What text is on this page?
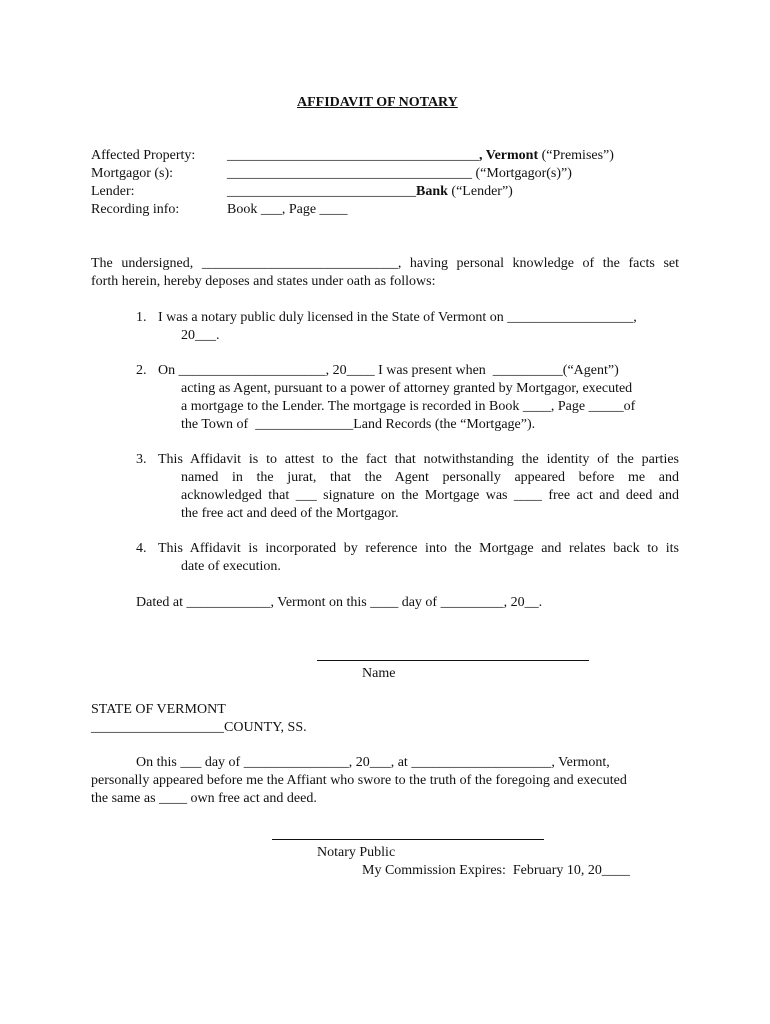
AFFIDAVIT OF NOTARY
Affected Property: ____________________________________, Vermont (“Premises”)
Mortgagor (s):	___________________________________ (“Mortgagor(s)”)
Lender:	___________________________Bank (“Lender”)
Recording info:	Book ___, Page ____
The undersigned, ____________________________, having personal knowledge of the facts set
forth herein, hereby deposes and states under oath as follows:
1. I was a notary public duly licensed in the State of Vermont on __________________,
20___.
2. On _____________________, 20____ I was present when  __________(“Agent”)
acting as Agent, pursuant to a power of attorney granted by Mortgagor, executed
a mortgage to the Lender. The mortgage is recorded in Book ____, Page _____of
the Town of  ______________Land Records (the “Mortgage”).
3. This Affidavit is to attest to the fact that notwithstanding the identity of the parties
named in the jurat, that the Agent personally appeared before me and
acknowledged that ___ signature on the Mortgage was ____ free act and deed and
the free act and deed of the Mortgagor.
4. This Affidavit is incorporated by reference into the Mortgage and relates back to its
date of execution.
Dated at ____________, Vermont on this ____ day of _________, 20__.
Name
STATE OF VERMONT
___________________COUNTY, SS.
On this ___ day of _______________, 20___, at ____________________, Vermont,
personally appeared before me the Affiant who swore to the truth of the foregoing and executed
the same as ____ own free act and deed.
Notary Public
My Commission Expires:  February 10, 20____
